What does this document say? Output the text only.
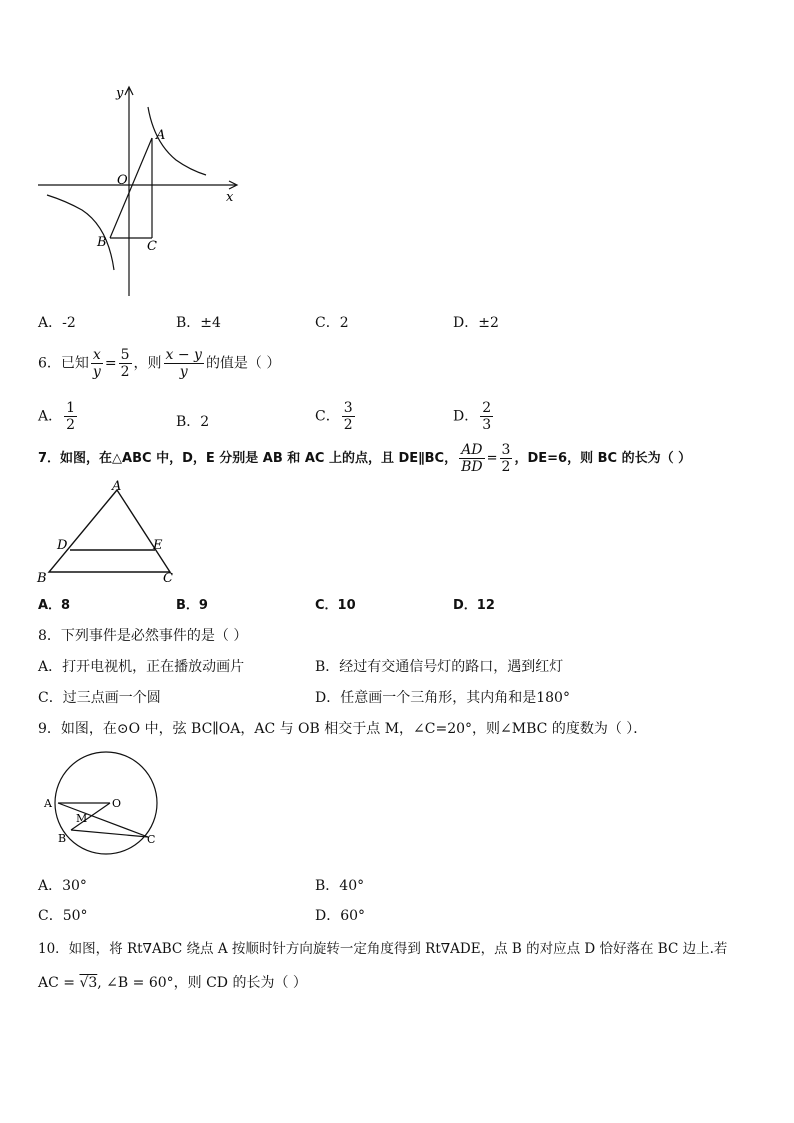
y
x
O
A
B	C
A．-2	B．±4	C．2	D．±2
6．已知 $\frac{x}{y} = \frac{5}{2}$ ，则 $\frac{x - y}{y}$ 的值是（ ）
A． $\frac{1}{2}$	B．2	C． $\frac{3}{2}$	D． $\frac{2}{3}$
7．如图，在△ABC 中，D，E 分别是 AB 和 AC 上的点，且 DE∥BC， $\frac{AD}{BD} = \frac{3}{2}$ ，DE=6，则 BC 的长为（ ）
A
D	E
B	C
A．8	B．9	C．10	D．12
8．下列事件是必然事件的是（ ）
A．打开电视机，正在播放动画片	B．经过有交通信号灯的路口，遇到红灯
C．过三点画一个圆	D．任意画一个三角形，其内角和是180°
9．如图，在⊙O 中，弦 BC∥OA，AC 与 OB 相交于点 M，∠C=20°，则∠MBC 的度数为（ ）．
A	O
M
B	C
A．30°	B．40°
C．50°	D．60°
10．如图，将 Rt∇ABC 绕点 A 按顺时针方向旋转一定角度得到 Rt∇ADE，点 B 的对应点 D 恰好落在 BC 边上.若
AC = √3, ∠B = 60°，则 CD 的长为（ ）
